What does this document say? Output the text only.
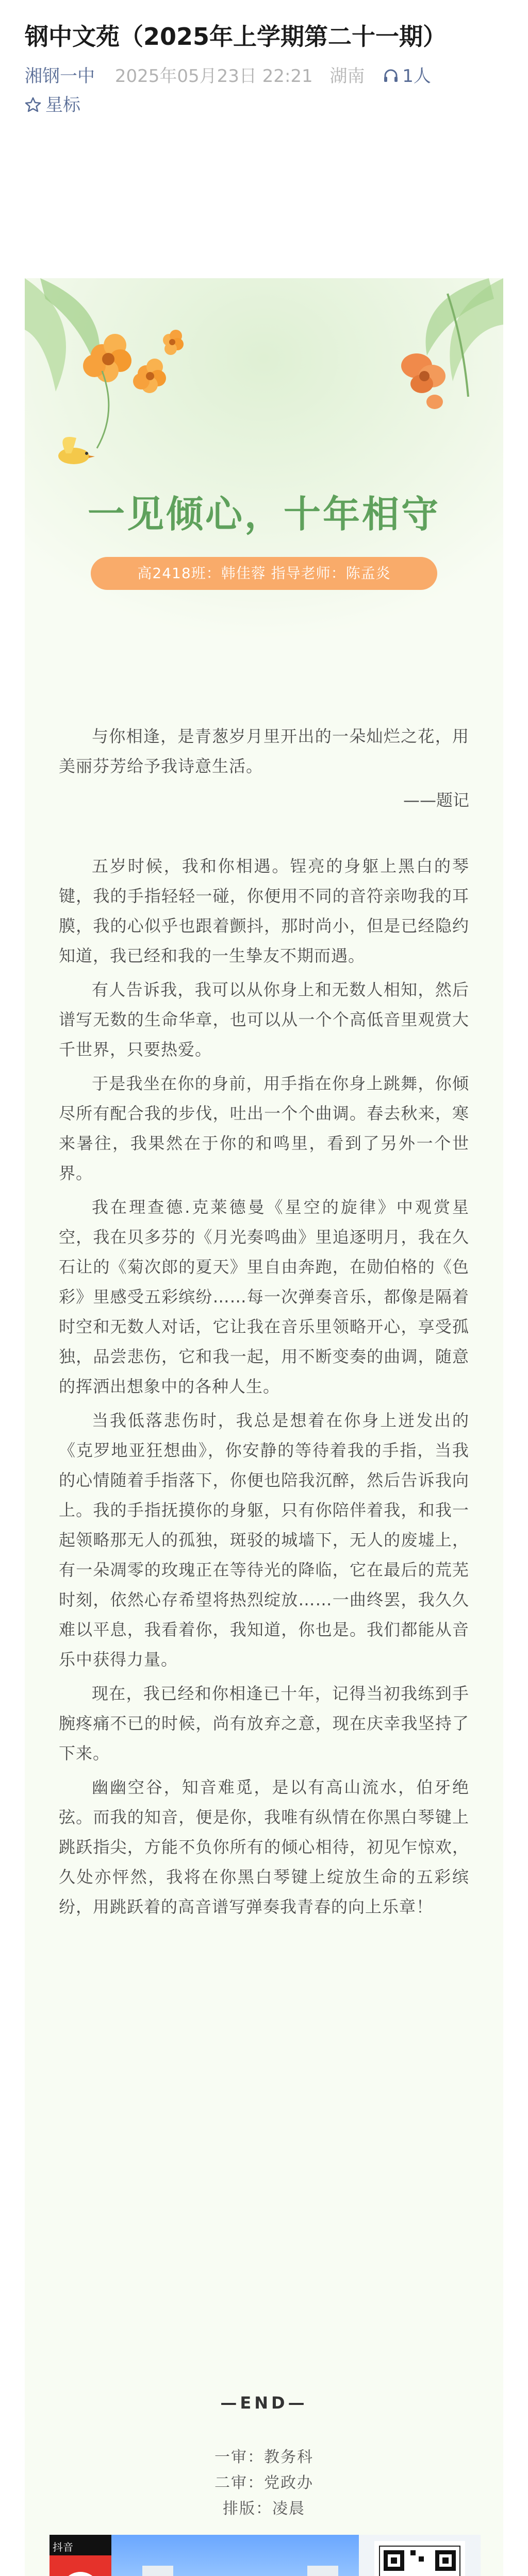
钢中文苑（2025年上学期第二十一期）
湘钢一中 2025年05月23日 22:21 湖南 1人
星标
一见倾心，十年相守
高2418班：韩佳蓉 指导老师：陈孟炎

与你相逢，是青葱岁月里开出的一朵灿烂之花，用美丽芬芳给予我诗意生活。

——题记

五岁时候，我和你相遇。锃亮的身躯上黑白的琴键，我的手指轻轻一碰，你便用不同的音符亲吻我的耳膜，我的心似乎也跟着颤抖，那时尚小，但是已经隐约知道，我已经和我的一生挚友不期而遇。

有人告诉我，我可以从你身上和无数人相知，然后谱写无数的生命华章，也可以从一个个高低音里观赏大千世界，只要热爱。

于是我坐在你的身前，用手指在你身上跳舞，你倾尽所有配合我的步伐，吐出一个个曲调。春去秋来，寒来暑往，我果然在于你的和鸣里，看到了另外一个世界。

我在理查德.克莱德曼《星空的旋律》中观赏星空，我在贝多芬的《月光奏鸣曲》里追逐明月，我在久石让的《菊次郎的夏天》里自由奔跑，在勋伯格的《色彩》里感受五彩缤纷……每一次弹奏音乐，都像是隔着时空和无数人对话，它让我在音乐里领略开心，享受孤独，品尝悲伤，它和我一起，用不断变奏的曲调，随意的挥洒出想象中的各种人生。

当我低落悲伤时，我总是想着在你身上迸发出的《克罗地亚狂想曲》，你安静的等待着我的手指，当我的心情随着手指落下，你便也陪我沉醉，然后告诉我向上。我的手指抚摸你的身躯，只有你陪伴着我，和我一起领略那无人的孤独，斑驳的城墙下，无人的废墟上，有一朵凋零的玫瑰正在等待光的降临，它在最后的荒芜时刻，依然心存希望将热烈绽放……一曲终罢，我久久难以平息，我看着你，我知道，你也是。我们都能从音乐中获得力量。

现在，我已经和你相逢已十年，记得当初我练到手腕疼痛不已的时候，尚有放弃之意，现在庆幸我坚持了下来。

幽幽空谷，知音难觅，是以有高山流水，伯牙绝弦。而我的知音，便是你，我唯有纵情在你黑白琴键上跳跃指尖，方能不负你所有的倾心相待，初见乍惊欢，久处亦怦然，我将在你黑白琴键上绽放生命的五彩缤纷，用跳跃着的高音谱写弹奏我青春的向上乐章！

—END—
一审：教务科
二审：党政办
排版：凌晨
抖音
